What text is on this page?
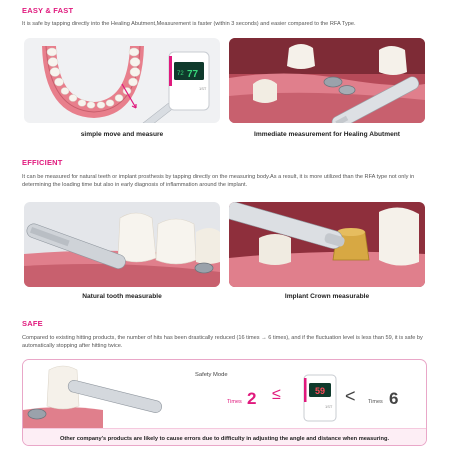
EASY & FAST
It is safe by tapping directly into the Healing Abutment,Measurement is faster (within 3 seconds) and easier compared to the RFA Type.
72 77
1ST
simple move and measure	Immediate measurement for Healing Abutment
EFFICIENT
It can be measured for natural teeth or implant prosthesis by tapping directly on the measuring body.As a result, it is more utilized than the RFA type not only in determining the loading time but also in early diagnosis of inflammation around the implant.
Natural tooth measurable	Implant Crown measurable
SAFE
Compared to existing hitting products, the number of hits has been drastically reduced (16 times → 6 times), and if the fluctuation level is less than 59, it is safe by automatically stopping after hitting twice.
Safety Mode
Times 2 ≤	59
1ST
< Times 6
Other company's products are likely to cause errors due to difficulty in adjusting the angle and distance when measuring.
